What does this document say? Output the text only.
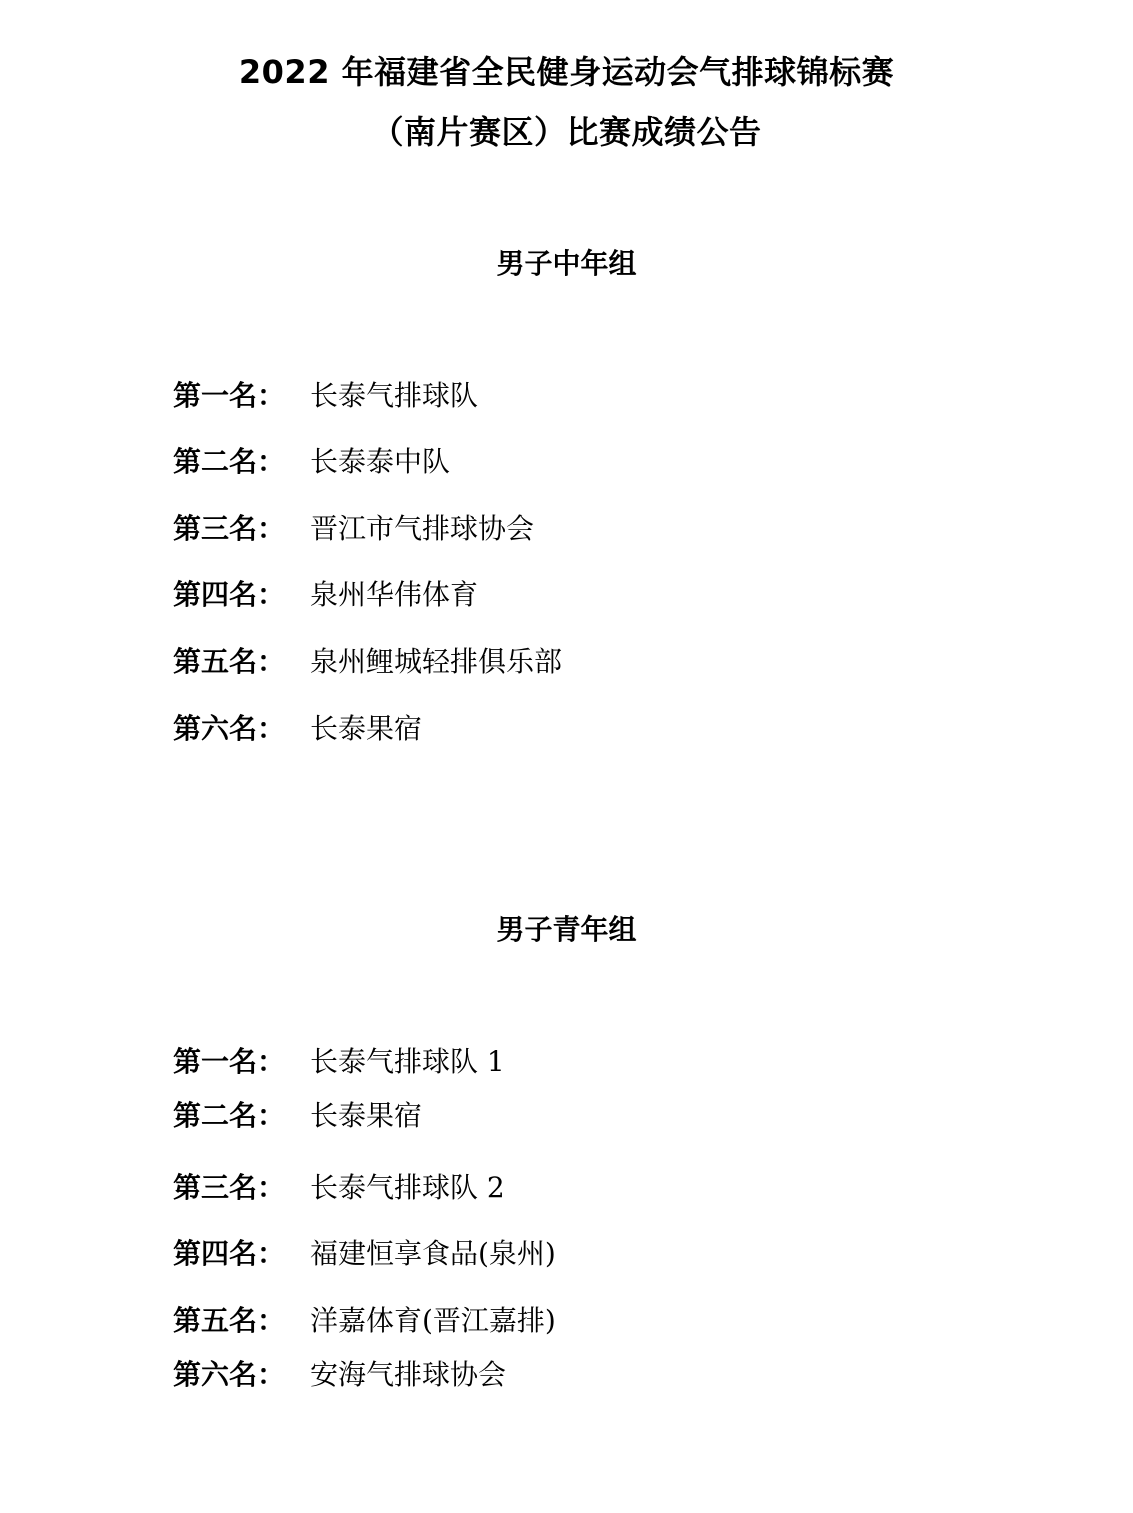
2022 年福建省全民健身运动会气排球锦标赛
（南片赛区）比赛成绩公告
男子中年组
第一名： 长泰气排球队
第二名： 长泰泰中队
第三名： 晋江市气排球协会
第四名： 泉州华伟体育
第五名： 泉州鲤城轻排俱乐部
第六名： 长泰果宿
男子青年组
第一名： 长泰气排球队 1
第二名： 长泰果宿
第三名： 长泰气排球队 2
第四名： 福建恒享食品(泉州)
第五名： 洋嘉体育(晋江嘉排)
第六名： 安海气排球协会
